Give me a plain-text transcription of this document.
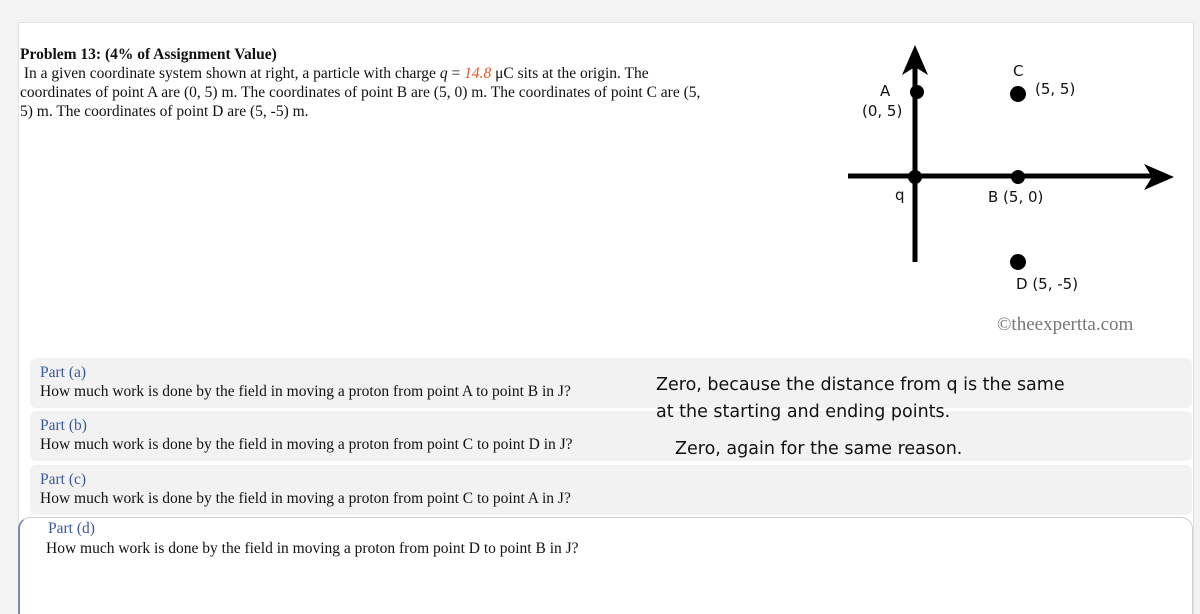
Problem 13: (4% of Assignment Value)
In a given coordinate system shown at right, a particle with charge q = 14.8 μC sits at the origin. The
coordinates of point A are (0, 5) m. The coordinates of point B are (5, 0) m. The coordinates of point C are (5,
5) m. The coordinates of point D are (5, -5) m.
A
(0, 5)
C
(5, 5)
q	B (5, 0)
D (5, -5)
©theexpertta.com
Part (a)
How much work is done by the field in moving a proton from point A to point B in J?
Part (b)
How much work is done by the field in moving a proton from point C to point D in J?
Part (c)
How much work is done by the field in moving a proton from point C to point A in J?
Part (d)
How much work is done by the field in moving a proton from point D to point B in J?
Zero, because the distance from q is the same
at the starting and ending points.
Zero, again for the same reason.
